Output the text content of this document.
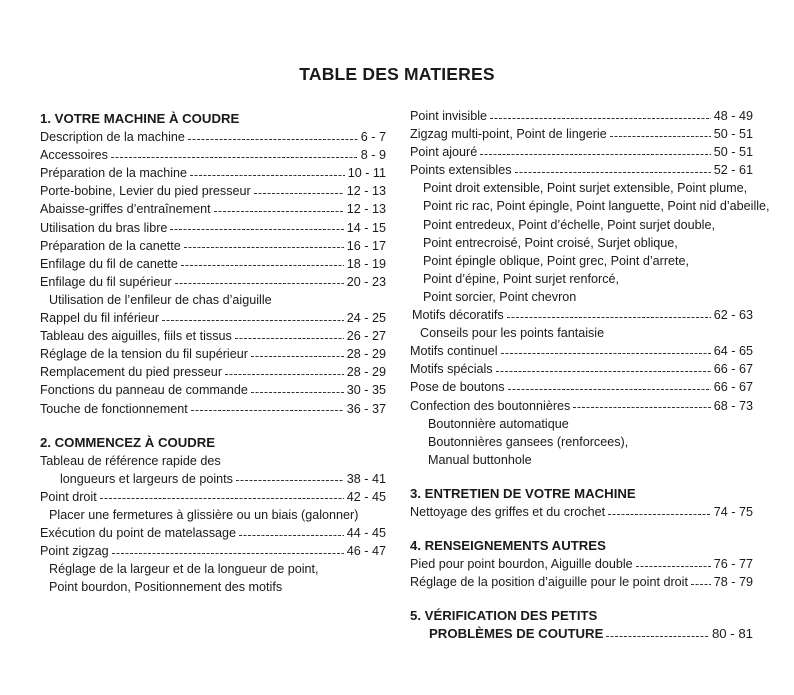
TABLE DES MATIERES
1. VOTRE MACHINE À COUDRE
Description de la machine	6 - 7
Accessoires	8 - 9
Préparation de la machine	10 - 11
Porte-bobine, Levier du pied presseur	12 - 13
Abaisse-griffes d’entraînement	12 - 13
Utilisation du bras libre	14 - 15
Préparation de la canette	16 - 17
Enfilage du fil de canette	18 - 19
Enfilage du fil supérieur	20 - 23
Utilisation de l’enfileur de chas d’aiguille
Rappel du fil inférieur	24 - 25
Tableau des aiguilles, fiils et tissus	26 - 27
Réglage de la tension du fil supérieur	28 - 29
Remplacement du pied presseur	28 - 29
Fonctions du panneau de commande	30 - 35
Touche de fonctionnement	36 - 37
2. COMMENCEZ À COUDRE
Tableau de référence rapide des
longueurs et largeurs de points	38 - 41
Point droit	42 - 45
Placer une fermetures à glissière ou un biais (galonner)
Exécution du point de matelassage	44 - 45
Point zigzag	46 - 47
Réglage de la largeur et de la longueur de point,
Point bourdon, Positionnement des motifs
Point invisible	48 - 49
Zigzag multi-point, Point de lingerie	50 - 51
Point ajouré	50 - 51
Points extensibles	52 - 61
Point droit extensible, Point surjet extensible, Point plume,
Point ric rac, Point épingle, Point languette, Point nid d’abeille,
Point entredeux, Point d’échelle, Point surjet double,
Point entrecroisé, Point croisé, Surjet oblique,
Point épingle oblique, Point grec, Point d’arrete,
Point d’épine, Point surjet renforcé,
Point sorcier, Point chevron
Motifs décoratifs	62 - 63
Conseils pour les points fantaisie
Motifs continuel	64 - 65
Motifs spécials	66 - 67
Pose de boutons	66 - 67
Confection des boutonnières	68 - 73
Boutonnière automatique
Boutonnières gansees (renforcees),
Manual buttonhole
3. ENTRETIEN DE VOTRE MACHINE
Nettoyage des griffes et du crochet	74 - 75
4. RENSEIGNEMENTS AUTRES
Pied pour point bourdon, Aiguille double	76 - 77
Réglage de la position d’aiguille pour le point droit 78 - 79
5. VÉRIFICATION DES PETITS
PROBLÈMES DE COUTURE	80 - 81
